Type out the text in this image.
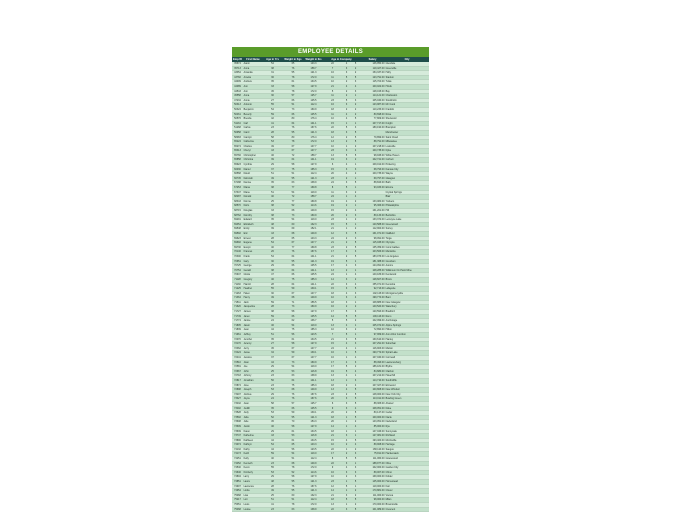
EMPLOYEE DETAILS
Emp ID	First Name	Age in Yrs	Weight in Kgs	Weight in lbs	Age in Company			Salary	City
35674	Aaron	54	65	143.3	22	4	5	146,950.00	Glendale
35713	Anna	38	76	158.7	7	3	2	119,427.00	Greenville
43354	Amanda	31	55	121.3	16	3	2	154,337.00	Holly
43782	Amelia	36	78	172.0	11	5	5	123,791.00	Stanton
44009	Andrew	35	61	134.5	10	2	3	115,704.00	Tulsa
44089	Ann	33	58	127.9	21	4	4	100,022.00	Hinds
44543	Ann	45	78	172.0	5	2	3	128,015.00	Bay
45558	Anna	30	57	125.7	11	2	1	114,121.00	Charleston
47234	Annie	27	66	145.5	23	5	3	105,040.00	Stockholm
50313	Antonio	55	51	112.4	16	3	2	123,987.00	Mc Cook
50324	Benjamin	54	73	160.9	18	2	2	110,233.00	Franklin
50461	Beverly	59	66	145.5	11	4	2	80,698.00	Rose
50576	Brenda	42	80	176.4	10	4	5	77,809.00	Sherwood
51134	Carl	41	64	141.1	15	1	1	107,717.00	Knight
51268	Carlos	23	76	167.6	22	5	3	180,190.00	Brampton
56958	Carol	28	55	121.3	18	3	5		Manchester
58083	Carolyn	58	80	176.4	12	2	5	79,899.00	Saint Cloud
65224	Catherine	53	78	172.0	13	2	5	88,791.00	Milwaukee
65274	Charles	49	67	147.7	10	1	2	107,218.00	Louisville
65313	Cheryl	43	67	147.7	23	3	4	100,735.00	Dyke
65766	Christopher	46	72	158.7	13	5	5	98,945.00	White Haven
65858	Christina	39	64	141.1	19	3	2	102,741.00	Corbett
65923	Cynthia	29	58	127.9	6	4	1	109,012.00	Pickering
66030	Daniel	37	75	165.3	15	3	3	68,793.00	Kansas City
66568	David	51	51	112.4	20	4	2	100,735.00	Wayne
66745	Deborah	49	55	121.3	23	2	1	69,797.00	Glasgow
67188	Denise	35	63	138.9	24	3	5	88,843.00	Bath
67253	Diana	38	77	169.8	8	5	1	93,033.00	Elmore
67347	Diane	51	54	119.0	11	3	2		Crystal Springs
68287	Donald	40	72	158.7	24	1	4		Blair
68343	Donna	25	77	169.8	19	4	2	133,084.00	Yonkers
68570	Doris	38	52	114.6	19	2	1	95,366.00	Philadelphia
68715	Douglas	33	68	149.9	15	2	4	161,201.00	Hill
68762	Dorothy	38	73	160.9	20	2	3	89,133.00	Berkshire
69291	Edward	35	54	119.0	23	1	2	133,372.00	Lemoyne Lake
69354	Elizabeth	48	60	132.3	15	5	1	120,588.00	Greenwood
69548	Emily	39	69	152.1	21	1	2	112,964.00	Surrey
69592	Eric	43	68	149.9	12	3	5	161,071.00	Oakfield
69623	Ernest	28	65	143.3	24	2	3	98,091.00	Tioga
69692	Eugene	54	67	147.7	21	2	5	115,045.00	Olympia
69730	Evelyn	40	77	169.8	23	2	5	135,459.00	Coral Gables
70146	Frances	26	76	167.6	17	3	3	103,566.00	Manitoba
70300	Frank	54	64	141.1	21	2	5	183,076.00	Los Angeles
70651	Gary	30	55	121.3	19	5	1	181,388.00	Gresham
70725	George	29	66	145.5	17	4	3	124,091.00	Aurora
70754	Gerald	38	64	141.1	13	2	1	108,285.00	Wilkinson On Paint Mine
70947	Gloria	47	66	145.5	24	1	4	140,186.00	Kentwood
71128	Gregory	46	75	165.3	14	3	2	128,607.00	Bronx
71130	Harold	28	64	141.1	22	3	4	155,071.00	Kenosha
71225	Heather	55	59	130.1	15	3	5	92,713.00	Lafayette
71263	Helen	30	67	147.7	18	4	3	102,115.00	Montgomeryville
71364	Henry	49	68	149.9	10	3	4	199,774.00	Bant
71511	Jack	59	71	156.5	18	3	1	108,885.00	New Glasgow
71620	Jacqueline	28	73	160.9	16	2	2	140,520.00	Waterbury
71727	James	38	58	127.9	17	5	3	120,593.00	Bradford
71749	Janet	59	66	145.5	14	5	5	109,116.00	Reno
71774	Janice	24	62	136.7	5	5	2	102,099.00	Anchorage
71805	Jason	46	54	119.0	13	4	1	105,072.00	Alpine Springs
71839	Jean	44	75	165.3	10	3	2	72,890.00	Hilton
71961	Jeffrey	51	56	123.5	7	5	1	97,969.00	Ann Arbor Junction
72070	Jennifer	35	61	134.5	21	3	5	160,610.00	Hanley
72170	Jeremy	27	58	127.9	15	4	3	107,291.00	Suburban
72362	Jerry	45	67	147.7	24	4	1	116,903.00	Marion
72424	Jesse	34	59	130.1	16	1	5	190,772.00	Spiral Lake
72441	Jessica	37	67	147.7	16	1	4	107,040.00	Cornwall
72510	Joan	44	73	160.9	17	4	3	88,493.00	Lawrenceburg
72581	Joe	29	54	119.0	17	5	2	186,181.00	Blythe
72667	John	25	53	116.8	19	5	4	84,680.00	Clairton
72718	Johnny	23	63	138.9	13	4	1	107,212.00	Haverhill
72817	Jonathan	56	64	141.1	13	1	3	114,710.00	Southcliffe
72874	Jose	23	75	165.3	18	2	4	107,327.00	Elmwood
72898	Joseph	53	68	149.9	13	4	5	100,808.00	New Windsor
73207	Joshua	29	76	167.6	23	2	5	148,000.00	New York City
73327	Joyce	24	76	167.6	20	3	5	113,011.00	Bowling Green
73432	Juan	58	57	125.7	6	3	5	88,305.00	Alvarez
73492	Judith	35	66	145.5	9	3	4	108,051.00	Duke
73528	Judy	53	59	130.1	20	2	5	80,147.00	Cedar
73592	Julia	52	55	121.3	18	1	5	100,000.00	Nacle
73608	Julie	45	70	154.3	20	1	2	143,051.00	Nederland
73609	Justin	46	58	127.9	14	1	4	85,000.00	Rye
73639	Karen	29	61	134.5	18	1	1	147,046.00	Sunnyvale
73747	Katherine	43	53	116.8	21	3	1	127,081.00	Richland
73896	Kathleen	44	61	134.5	15	4	5	193,400.00	Morrisville
74074	Kathryn	54	65	143.3	10	2	4	89,908.00	Heritage
74132	Kathy	44	56	123.5	22	1	2	168,110.00	Saugus
74173	Keith	59	54	119.0	17	2	3	75,811.00	Hackensack
74251	Kelly	40	51	112.4	8	5	5	111,060.00	Gracewood
74452	Kenneth	23	68	149.9	22	3	1	188,977.00	Olive
74540	Kevin	55	78	172.0	9	4	3	102,000.00	Garden City
74646	Kimberly	53	52	114.6	16	3	3	89,007.00	Chino
74804	Larry	29	58	127.9	10	2	3	169,000.00	Kidder
74851	Laura	48	55	121.3	23	1	5	145,000.00	Homestead
74907	Lawrence	28	76	167.6	12	5	1	119,000.00	Fair
74954	Linda	49	55	121.3	14	1	2	170,881.00	Clover
75068	Lisa	25	60	132.3	21	3	2	111,000.00	Vienna
75217	Lori	51	51	112.4	18	5	5	98,000.00	Milan
75351	Louis	41	78	172.0	13	1	2	170,000.00	Brownsville
75468	Louise	23	63	138.9	22	3	5	101,089.00	Crescent
